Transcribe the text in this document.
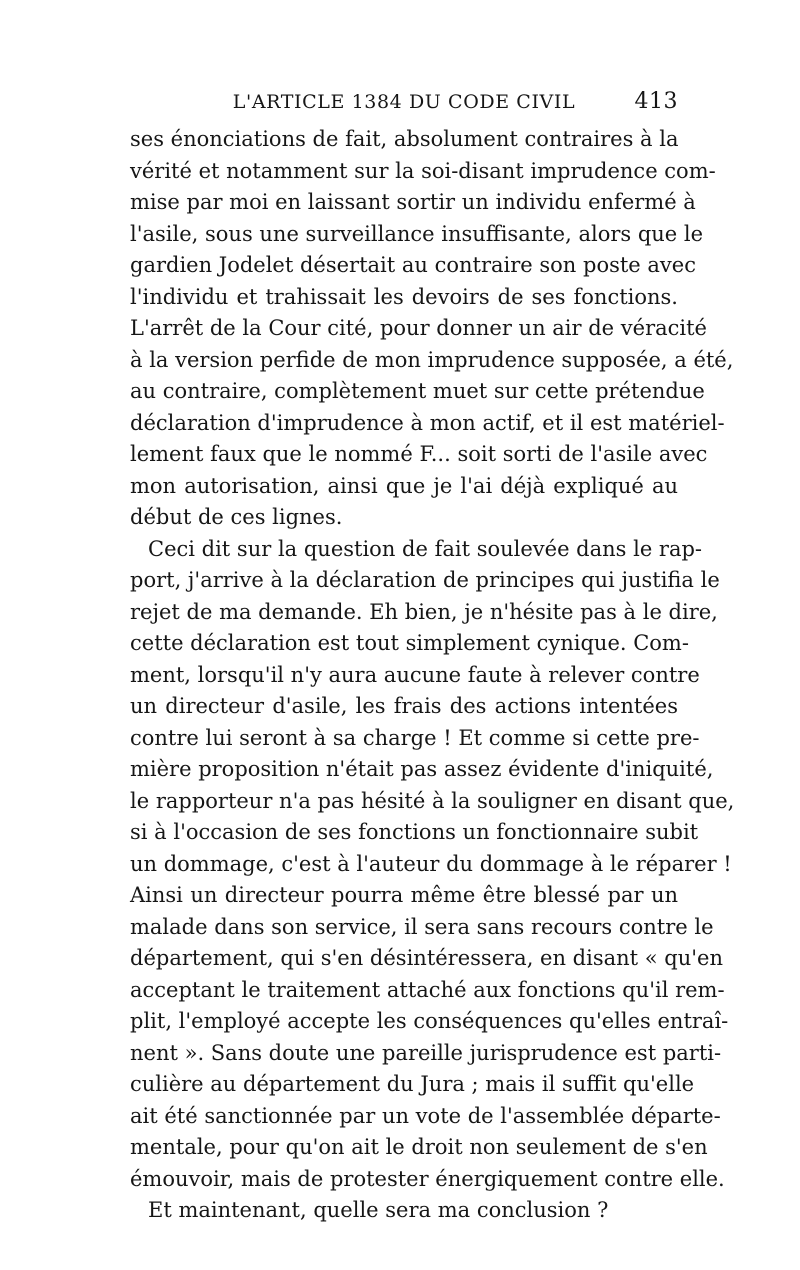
L'ARTICLE 1384 DU CODE CIVIL	413
ses énonciations de fait, absolument contraires à la
vérité et notamment sur la soi-disant imprudence com-
mise par moi en laissant sortir un individu enfermé à
l'asile, sous une surveillance insuffisante, alors que le
gardien Jodelet désertait au contraire son poste avec
l'individu et trahissait les devoirs de ses fonctions.
L'arrêt de la Cour cité, pour donner un air de véracité
à la version perfide de mon imprudence supposée, a été,
au contraire, complètement muet sur cette prétendue
déclaration d'imprudence à mon actif, et il est matériel-
lement faux que le nommé F... soit sorti de l'asile avec
mon autorisation, ainsi que je l'ai déjà expliqué au
début de ces lignes.
Ceci dit sur la question de fait soulevée dans le rap-
port, j'arrive à la déclaration de principes qui justifia le
rejet de ma demande. Eh bien, je n'hésite pas à le dire,
cette déclaration est tout simplement cynique. Com-
ment, lorsqu'il n'y aura aucune faute à relever contre
un directeur d'asile, les frais des actions intentées
contre lui seront à sa charge ! Et comme si cette pre-
mière proposition n'était pas assez évidente d'iniquité,
le rapporteur n'a pas hésité à la souligner en disant que,
si à l'occasion de ses fonctions un fonctionnaire subit
un dommage, c'est à l'auteur du dommage à le réparer !
Ainsi un directeur pourra même être blessé par un
malade dans son service, il sera sans recours contre le
département, qui s'en désintéressera, en disant « qu'en
acceptant le traitement attaché aux fonctions qu'il rem-
plit, l'employé accepte les conséquences qu'elles entraî-
nent ». Sans doute une pareille jurisprudence est parti-
culière au département du Jura ; mais il suffit qu'elle
ait été sanctionnée par un vote de l'assemblée départe-
mentale, pour qu'on ait le droit non seulement de s'en
émouvoir, mais de protester énergiquement contre elle.
Et maintenant, quelle sera ma conclusion ?
